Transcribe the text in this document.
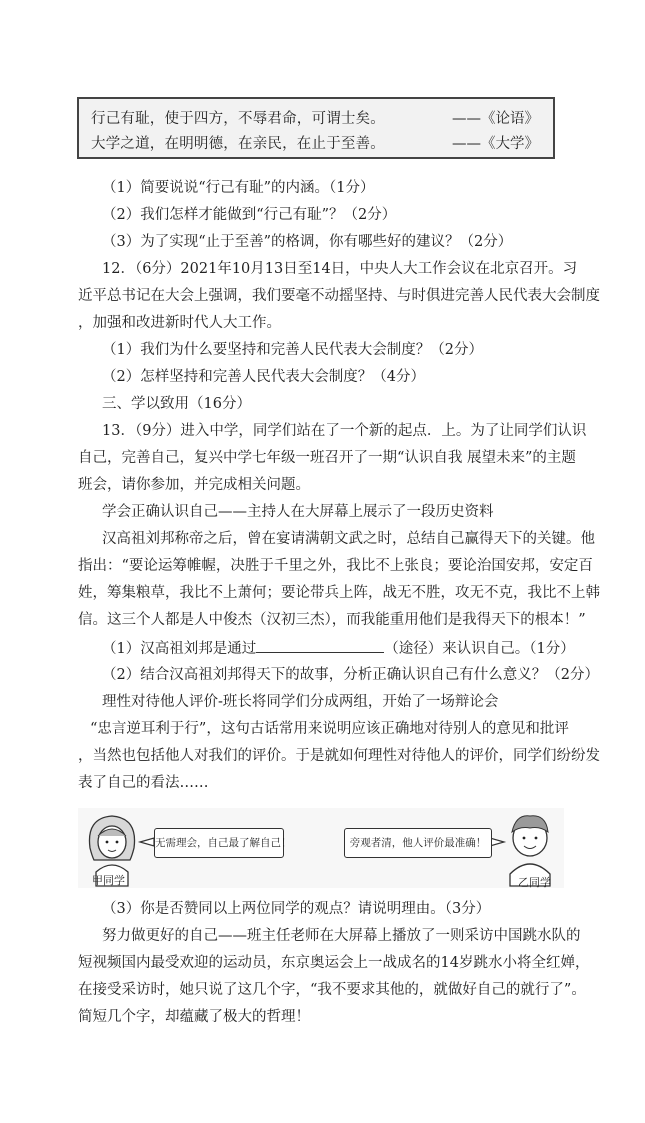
行己有耻，使于四方，不辱君命，可谓士矣。	——《论语》
大学之道，在明明德，在亲民，在止于至善。	——《大学》
（1）简要说说“行己有耻”的内涵。（1分）
（2）我们怎样才能做到“行己有耻”？（2分）
（3）为了实现“止于至善”的格调，你有哪些好的建议？（2分）
12．（6分）2021年10月13日至14日，中央人大工作会议在北京召开。习
近平总书记在大会上强调，我们要毫不动摇坚持、与时俱进完善人民代表大会制度
，加强和改进新时代人大工作。
（1）我们为什么要坚持和完善人民代表大会制度？（2分）
（2）怎样坚持和完善人民代表大会制度？（4分）
三、学以致用（16分）
13．（9分）进入中学，同学们站在了一个新的起点．上。为了让同学们认识
自己，完善自己，复兴中学七年级一班召开了一期“认识自我 展望未来”的主题
班会，请你参加，并完成相关问题。
学会正确认识自己——主持人在大屏幕上展示了一段历史资料
汉高祖刘邦称帝之后，曾在宴请满朝文武之时，总结自己赢得天下的关键。他
指出：“要论运筹帷幄，决胜于千里之外，我比不上张良；要论治国安邦，安定百
姓，筹集粮草，我比不上萧何；要论带兵上阵，战无不胜，攻无不克，我比不上韩
信。这三个人都是人中俊杰（汉初三杰），而我能重用他们是我得天下的根本！”
（1）汉高祖刘邦是通过	（途径）来认识自己。（1分）
（2）结合汉高祖刘邦得天下的故事，分析正确认识自己有什么意义？（2分）
理性对待他人评价-班长将同学们分成两组，开始了一场辩论会
“忠言逆耳利于行”，这句古话常用来说明应该正确地对待别人的意见和批评
，当然也包括他人对我们的评价。于是就如何理性对待他人的评价，同学们纷纷发
表了自己的看法……
无需理会，自己最了解自己！	旁观者清，他人评价最准确！
甲同学	乙同学
（3）你是否赞同以上两位同学的观点？请说明理由。（3分）
努力做更好的自己——班主任老师在大屏幕上播放了一则采访中国跳水队的
短视频国内最受欢迎的运动员，东京奥运会上一战成名的14岁跳水小将全红婵，
在接受采访时，她只说了这几个字，“我不要求其他的，就做好自己的就行了”。
简短几个字，却蕴藏了极大的哲理！
